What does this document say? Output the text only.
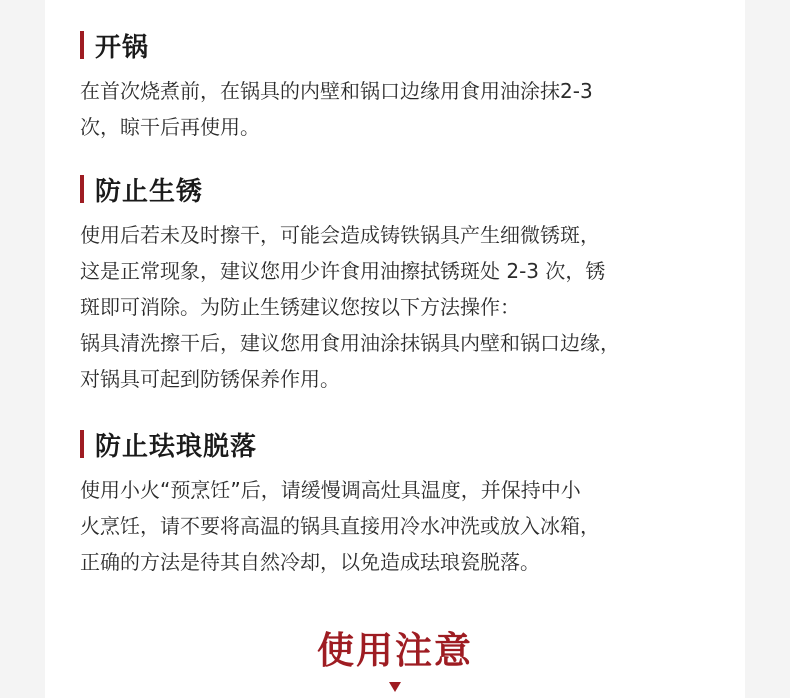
开锅
在首次烧煮前，在锅具的内壁和锅口边缘用食用油涂抹2-3
次，晾干后再使用。
防止生锈
使用后若未及时擦干，可能会造成铸铁锅具产生细微锈斑，
这是正常现象，建议您用少许食用油擦拭锈斑处 2-3 次，锈
斑即可消除。为防止生锈建议您按以下方法操作：
锅具清洗擦干后，建议您用食用油涂抹锅具内壁和锅口边缘，
对锅具可起到防锈保养作用。
防止珐琅脱落
使用小火“预烹饪”后，请缓慢调高灶具温度，并保持中小
火烹饪，请不要将高温的锅具直接用冷水冲洗或放入冰箱，
正确的方法是待其自然冷却，以免造成珐琅瓷脱落。
使用注意
